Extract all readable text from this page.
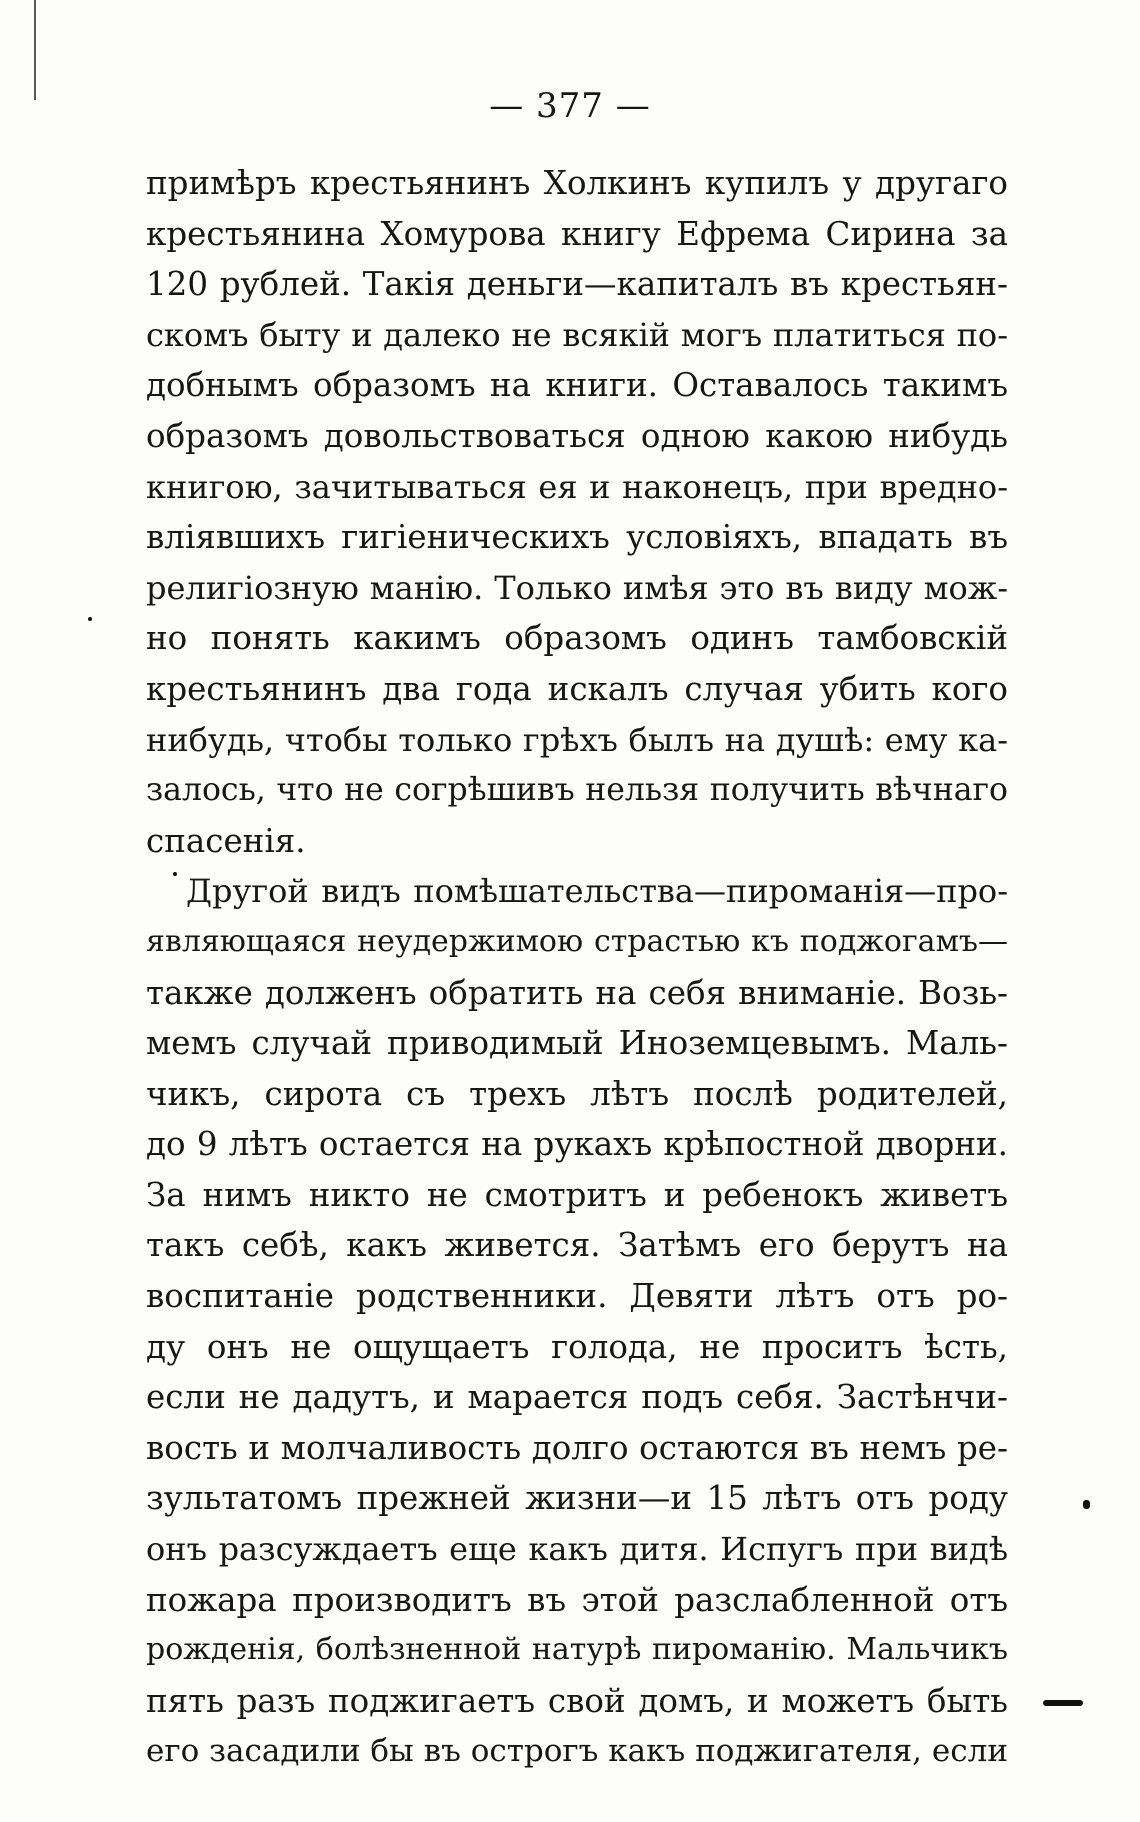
— 377 —
примѣръ крестьянинъ Холкинъ купилъ у другаго
крестьянина Хомурова книгу Ефрема Сирина за
120 рублей. Такія деньги—капиталъ въ крестьян-
скомъ быту и далеко не всякій могъ платиться по-
добнымъ образомъ на книги. Оставалось такимъ
образомъ довольствоваться одною какою нибудь
книгою, зачитываться ея и наконецъ, при вредно-
вліявшихъ гигіеническихъ условіяхъ, впадать въ
религіозную манію. Только имѣя это въ виду мож-
но понять какимъ образомъ одинъ тамбовскій
крестьянинъ два года искалъ случая убить кого
нибудь, чтобы только грѣхъ былъ на душѣ: ему ка-
залось, что не согрѣшивъ нельзя получить вѣчнаго
спасенія.
Другой видъ помѣшательства—пироманія—про-
являющаяся неудержимою страстью къ поджогамъ—
также долженъ обратить на себя вниманіе. Возь-
мемъ случай приводимый Иноземцевымъ. Маль-
чикъ, сирота съ трехъ лѣтъ послѣ родителей,
до 9 лѣтъ остается на рукахъ крѣпостной дворни.
За нимъ никто не смотритъ и ребенокъ живетъ
такъ себѣ, какъ живется. Затѣмъ его берутъ на
воспитаніе родственники. Девяти лѣтъ отъ ро-
ду онъ не ощущаетъ голода, не проситъ ѣсть,
если не дадутъ, и марается подъ себя. Застѣнчи-
вость и молчаливость долго остаются въ немъ ре-
зультатомъ прежней жизни—и 15 лѣтъ отъ роду
онъ разсуждаетъ еще какъ дитя. Испугъ при видѣ
пожара производитъ въ этой разслабленной отъ
рожденія, болѣзненной натурѣ пироманію. Мальчикъ
пять разъ поджигаетъ свой домъ, и можетъ быть
его засадили бы въ острогъ какъ поджигателя, если
